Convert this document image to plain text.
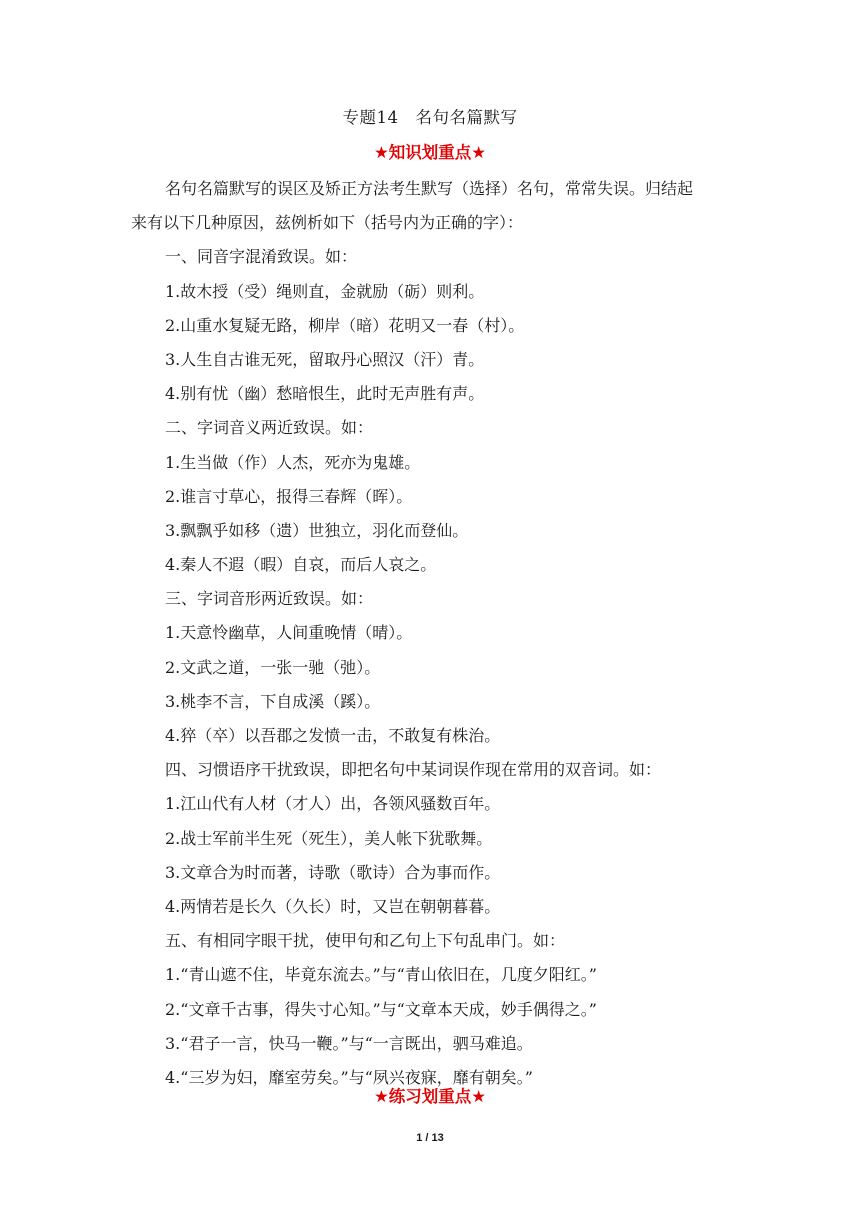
专题14　名句名篇默写
★知识划重点★
名句名篇默写的误区及矫正方法考生默写（选择）名句，常常失误。归结起
来有以下几种原因，兹例析如下（括号内为正确的字）：
一、同音字混淆致误。如：
1.故木授（受）绳则直，金就励（砺）则利。
2.山重水复疑无路，柳岸（暗）花明又一春（村）。
3.人生自古谁无死，留取丹心照汉（汗）青。
4.别有忧（幽）愁暗恨生，此时无声胜有声。
二、字词音义两近致误。如：
1.生当做（作）人杰，死亦为鬼雄。
2.谁言寸草心，报得三春辉（晖）。
3.飘飘乎如移（遗）世独立，羽化而登仙。
4.秦人不遐（暇）自哀，而后人哀之。
三、字词音形两近致误。如：
1.天意怜幽草，人间重晚情（晴）。
2.文武之道，一张一驰（弛）。
3.桃李不言，下自成溪（蹊）。
4.猝（卒）以吾郡之发愤一击，不敢复有株治。
四、习惯语序干扰致误，即把名句中某词误作现在常用的双音词。如：
1.江山代有人材（才人）出，各领风骚数百年。
2.战士军前半生死（死生），美人帐下犹歌舞。
3.文章合为时而著，诗歌（歌诗）合为事而作。
4.两情若是长久（久长）时，又岂在朝朝暮暮。
五、有相同字眼干扰，使甲句和乙句上下句乱串门。如：
1.“青山遮不住，毕竟东流去。”与“青山依旧在，几度夕阳红。”
2.“文章千古事，得失寸心知。”与“文章本天成，妙手偶得之。”
3.“君子一言，快马一鞭。”与“一言既出，驷马难追。
4.“三岁为妇，靡室劳矣。”与“夙兴夜寐，靡有朝矣。”
★练习划重点★
1 / 13
